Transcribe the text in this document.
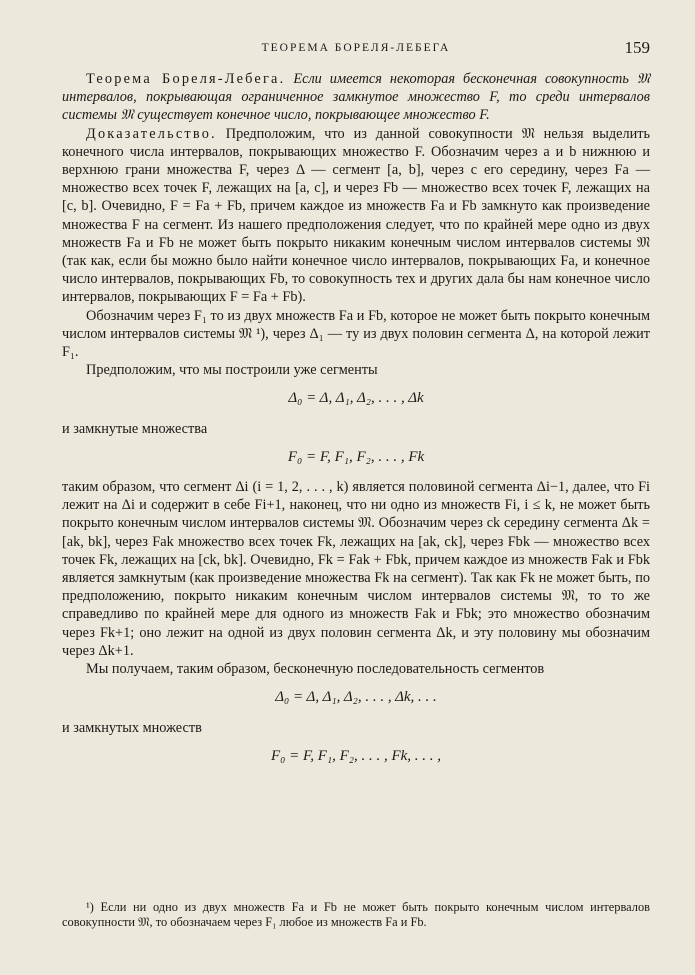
ТЕОРЕМА БОРЕЛЯ-ЛЕБЕГА	159

Теорема Бореля-Лебега. Если имеется некоторая бесконечная совокупность 𝔐 интервалов, покрывающая ограниченное замкнутое множество F, то среди интервалов системы 𝔐 существует конечное число, покрывающее множество F.

Доказательство. Предположим, что из данной совокупности 𝔐 нельзя выделить конечного числа интервалов, покрывающих множество F. Обозначим через a и b нижнюю и верхнюю грани множества F, через Δ — сегмент [a, b], через c его середину, через Fa — множество всех точек F, лежащих на [a, c], и через Fb — множество всех точек F, лежащих на [c, b]. Очевидно, F = Fa + Fb, причем каждое из множеств Fa и Fb замкнуто как произведение множества F на сегмент. Из нашего предположения следует, что по крайней мере одно из двух множеств Fa и Fb не может быть покрыто никаким конечным числом интервалов системы 𝔐 (так как, если бы можно было найти конечное число интервалов, покрывающих Fa, и конечное число интервалов, покрывающих Fb, то совокупность тех и других дала бы нам конечное число интервалов, покрывающих F = Fa + Fb).

Обозначим через F₁ то из двух множеств Fa и Fb, которое не может быть покрыто конечным числом интервалов системы 𝔐 ¹), через Δ₁ — ту из двух половин сегмента Δ, на которой лежит F₁.

Предположим, что мы построили уже сегменты

Δ₀ = Δ, Δ₁, Δ₂, . . . , Δk

и замкнутые множества

F₀ = F, F₁, F₂, . . . , Fk

таким образом, что сегмент Δi (i = 1, 2, . . . , k) является половиной сегмента Δi−1, далее, что Fi лежит на Δi и содержит в себе Fi+1, наконец, что ни одно из множеств Fi, i ≤ k, не может быть покрыто конечным числом интервалов системы 𝔐. Обозначим через ck середину сегмента Δk = [ak, bk], через Fak множество всех точек Fk, лежащих на [ak, ck], через Fbk — множество всех точек Fk, лежащих на [ck, bk]. Очевидно, Fk = Fak + Fbk, причем каждое из множеств Fak и Fbk является замкнутым (как произведение множества Fk на сегмент). Так как Fk не может быть, по предположению, покрыто никаким конечным числом интервалов системы 𝔐, то то же справедливо по крайней мере для одного из множеств Fak и Fbk; это множество обозначим через Fk+1; оно лежит на одной из двух половин сегмента Δk, и эту половину мы обозначим через Δk+1.

Мы получаем, таким образом, бесконечную последовательность сегментов

Δ₀ = Δ, Δ₁, Δ₂, . . . , Δk, . . .

и замкнутых множеств

F₀ = F, F₁, F₂, . . . , Fk, . . . ,

¹) Если ни одно из двух множеств Fa и Fb не может быть покрыто конечным числом интервалов совокупности 𝔐, то обозначаем через F₁ любое из множеств Fa и Fb.
